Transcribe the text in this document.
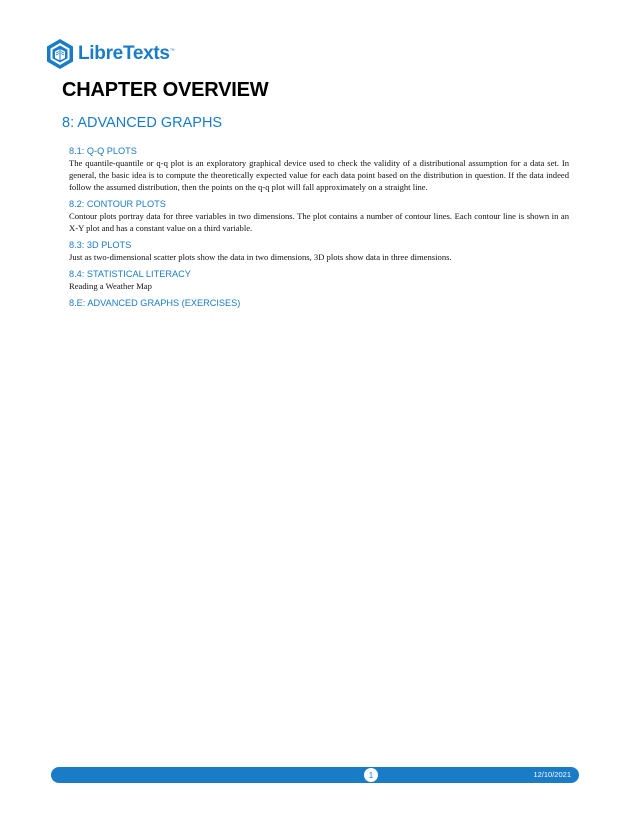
LibreTexts ™
CHAPTER OVERVIEW
8: ADVANCED GRAPHS

8.1: Q-Q PLOTS

The quantile-quantile or q-q plot is an exploratory graphical device used to check the validity of a distributional assumption for a data set. In general, the basic idea is to compute the theoretically expected value for each data point based on the distribution in question. If the data indeed follow the assumed distribution, then the points on the q-q plot will fall approximately on a straight line.

8.2: CONTOUR PLOTS

Contour plots portray data for three variables in two dimensions. The plot contains a number of contour lines. Each contour line is shown in an X-Y plot and has a constant value on a third variable.

8.3: 3D PLOTS

Just as two-dimensional scatter plots show the data in two dimensions, 3D plots show data in three dimensions.

8.4: STATISTICAL LITERACY

Reading a Weather Map

8.E: ADVANCED GRAPHS (EXERCISES)

1	12/10/2021
